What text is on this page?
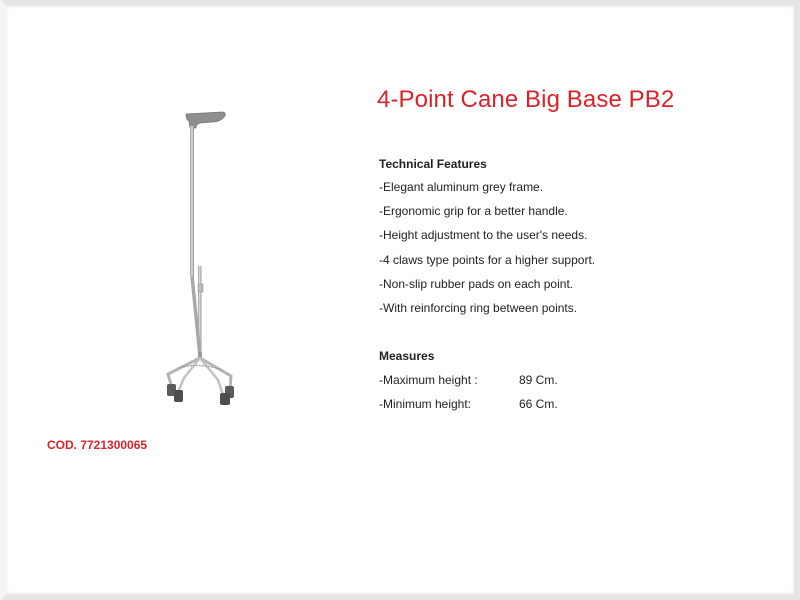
4-Point Cane Big Base PB2
Technical Features
-Elegant aluminum grey frame.
-Ergonomic grip for a better handle.
-Height adjustment to the user's needs.
-4 claws type points for a higher support.
-Non-slip rubber pads on each point.
-With reinforcing ring between points.
Measures
-Maximum height :	89 Cm.
-Minimum height:	66 Cm.
COD. 7721300065
